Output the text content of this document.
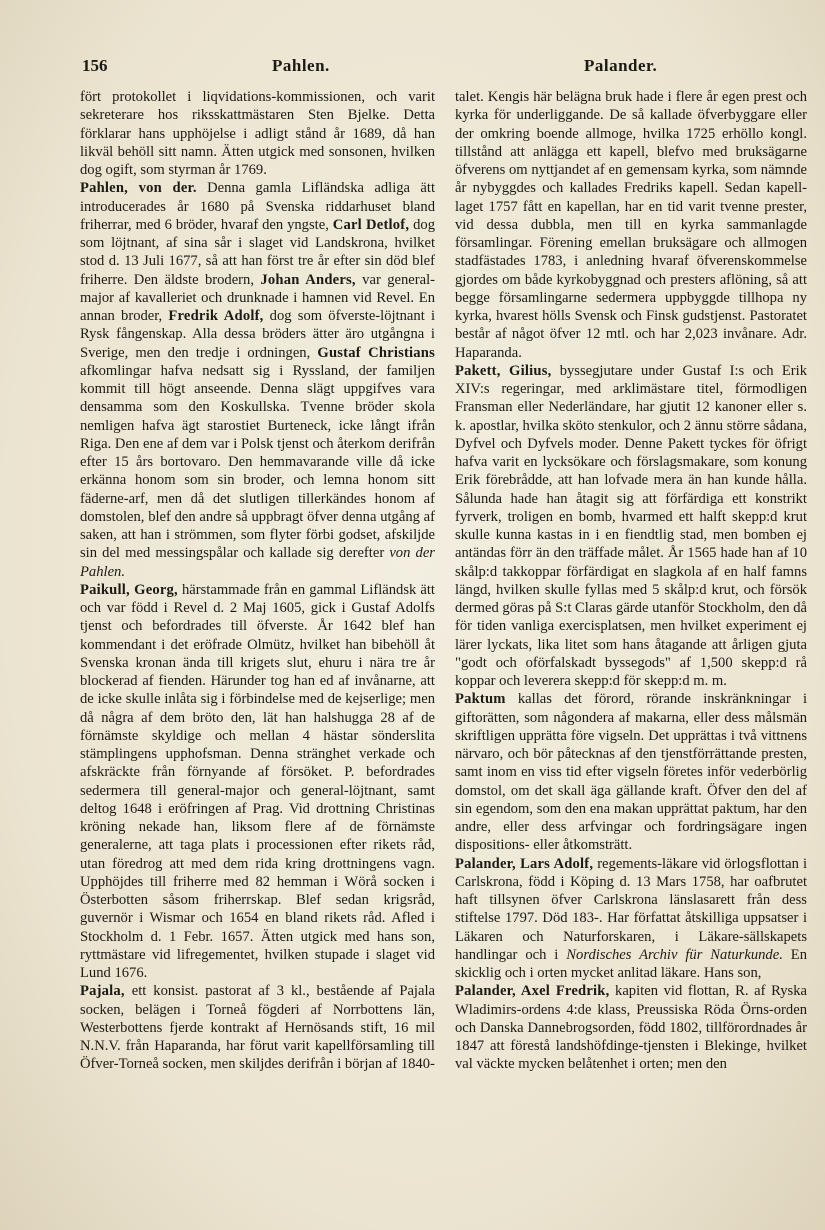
156	Pahlen.	Palander.

fört protokollet i liqvidations-kommissionen, och varit sekreterare hos riksskattmästaren Sten Bjelke. Detta förklarar hans upphöjelse i adligt stånd år 1689, då han likväl behöll sitt namn. Ätten utgick med sonsonen, hvilken dog ogift, som styrman år 1769.

Pahlen, von der. Denna gamla Lifländska adliga ätt introducerades år 1680 på Svenska riddarhuset bland friherrar, med 6 bröder, hvaraf den yngste, Carl Detlof, dog som löjtnant, af sina sår i slaget vid Landskrona, hvilket stod d. 13 Juli 1677, så att han först tre år efter sin död blef friherre. Den äldste brodern, Johan Anders, var general-major af kavalleriet och drunknade i hamnen vid Revel. En annan broder, Fredrik Adolf, dog som öfverste-löjtnant i Rysk fångenskap. Alla dessa bröders ätter äro utgångna i Sverige, men den tredje i ordningen, Gustaf Christians afkomlingar hafva nedsatt sig i Ryssland, der familjen kommit till högt anseende. Denna slägt uppgifves vara densamma som den Koskullska. Tvenne bröder skola nemligen hafva ägt starostiet Burteneck, icke långt ifrån Riga. Den ene af dem var i Polsk tjenst och återkom derifrån efter 15 års bortovaro. Den hemmavarande ville då icke erkänna honom som sin broder, och lemna honom sitt fäderne-arf, men då det slutligen tillerkändes honom af domstolen, blef den andre så uppbragt öfver denna utgång af saken, att han i strömmen, som flyter förbi godset, afskiljde sin del med messingspålar och kallade sig derefter von der Pahlen.

Paikull, Georg, härstammade från en gammal Lifländsk ätt och var född i Revel d. 2 Maj 1605, gick i Gustaf Adolfs tjenst och befordrades till öfverste. År 1642 blef han kommendant i det eröfrade Olmütz, hvilket han bibehöll åt Svenska kronan ända till krigets slut, ehuru i nära tre år blockerad af fienden. Härunder tog han ed af invånarne, att de icke skulle inlåta sig i förbindelse med de kejserlige; men då några af dem bröto den, lät han halshugga 28 af de förnämste skyldige och mellan 4 hästar sönderslita stämplingens upphofsman. Denna stränghet verkade och afskräckte från förnyande af försöket. P. befordrades sedermera till general-major och general-löjtnant, samt deltog 1648 i eröfringen af Prag. Vid drottning Christinas kröning nekade han, liksom flere af de förnämste generalerne, att taga plats i processionen efter rikets råd, utan föredrog att med dem rida kring drottningens vagn. Upphöjdes till friherre med 82 hemman i Wörå socken i Österbotten såsom friherrskap. Blef sedan krigsråd, guvernör i Wismar och 1654 en bland rikets råd. Afled i Stockholm d. 1 Febr. 1657. Ätten utgick med hans son, ryttmästare vid lifregementet, hvilken stupade i slaget vid Lund 1676.

Pajala, ett konsist. pastorat af 3 kl., bestående af Pajala socken, belägen i Torneå fögderi af Norrbottens län, Westerbottens fjerde kontrakt af Hernösands stift, 16 mil N.N.V. från Haparanda, har förut varit kapellförsamling till Öfver-Torneå socken, men skiljdes derifrån i början af 1840-

talet. Kengis här belägna bruk hade i flere år egen prest och kyrka för underliggande. De så kallade öfverbyggare eller der omkring boende allmoge, hvilka 1725 erhöllo kongl. tillstånd att anlägga ett kapell, blefvo med bruksägarne öfverens om nyttjandet af en gemensam kyrka, som nämnde år nybyggdes och kallades Fredriks kapell. Sedan kapell-laget 1757 fått en kapellan, har en tid varit tvenne prester, vid dessa dubbla, men till en kyrka sammanlagde församlingar. Förening emellan bruksägare och allmogen stadfästades 1783, i anledning hvaraf öfverenskommelse gjordes om både kyrkobyggnad och presters aflöning, så att begge församlingarne sedermera uppbyggde tillhopa ny kyrka, hvarest hölls Svensk och Finsk gudstjenst. Pastoratet består af något öfver 12 mtl. och har 2,023 invånare. Adr. Haparanda.

Pakett, Gilius, byssegjutare under Gustaf I:s och Erik XIV:s regeringar, med arklimästare titel, förmodligen Fransman eller Nederländare, har gjutit 12 kanoner eller s. k. apostlar, hvilka sköto stenkulor, och 2 ännu större sådana, Dyfvel och Dyfvels moder. Denne Pakett tyckes för öfrigt hafva varit en lycksökare och förslagsmakare, som konung Erik förebrådde, att han lofvade mera än han kunde hålla. Sålunda hade han åtagit sig att förfärdiga ett konstrikt fyrverk, troligen en bomb, hvarmed ett halft skepp:d krut skulle kunna kastas in i en fiendtlig stad, men bomben ej antändas förr än den träffade målet. År 1565 hade han af 10 skålp:d takkoppar förfärdigat en slagkola af en half famns längd, hvilken skulle fyllas med 5 skålp:d krut, och försök dermed göras på S:t Claras gärde utanför Stockholm, den då för tiden vanliga exercisplatsen, men hvilket experiment ej lärer lyckats, lika litet som hans åtagande att årligen gjuta "godt och oförfalskadt byssegods" af 1,500 skepp:d rå koppar och leverera skepp:d för skepp:d m. m.

Paktum kallas det förord, rörande inskränkningar i giftorätten, som någondera af makarna, eller dess målsmän skriftligen upprätta före vigseln. Det upprättas i två vittnens närvaro, och bör påtecknas af den tjenstförrättande presten, samt inom en viss tid efter vigseln företes inför vederbörlig domstol, om det skall äga gällande kraft. Öfver den del af sin egendom, som den ena makan upprättat paktum, har den andre, eller dess arfvingar och fordringsägare ingen dispositions- eller åtkomsträtt.

Palander, Lars Adolf, regements-läkare vid örlogsflottan i Carlskrona, född i Köping d. 13 Mars 1758, har oafbrutet haft tillsynen öfver Carlskrona länslasarett från dess stiftelse 1797. Död 183-. Har författat åtskilliga uppsatser i Läkaren och Naturforskaren, i Läkare-sällskapets handlingar och i Nordisches Archiv für Naturkunde. En skicklig och i orten mycket anlitad läkare. Hans son,

Palander, Axel Fredrik, kapiten vid flottan, R. af Ryska Wladimirs-ordens 4:de klass, Preussiska Röda Örns-orden och Danska Dannebrogsorden, född 1802, tillförordnades år 1847 att förestå landshöfdinge-tjensten i Blekinge, hvilket val väckte mycken belåtenhet i orten; men den
